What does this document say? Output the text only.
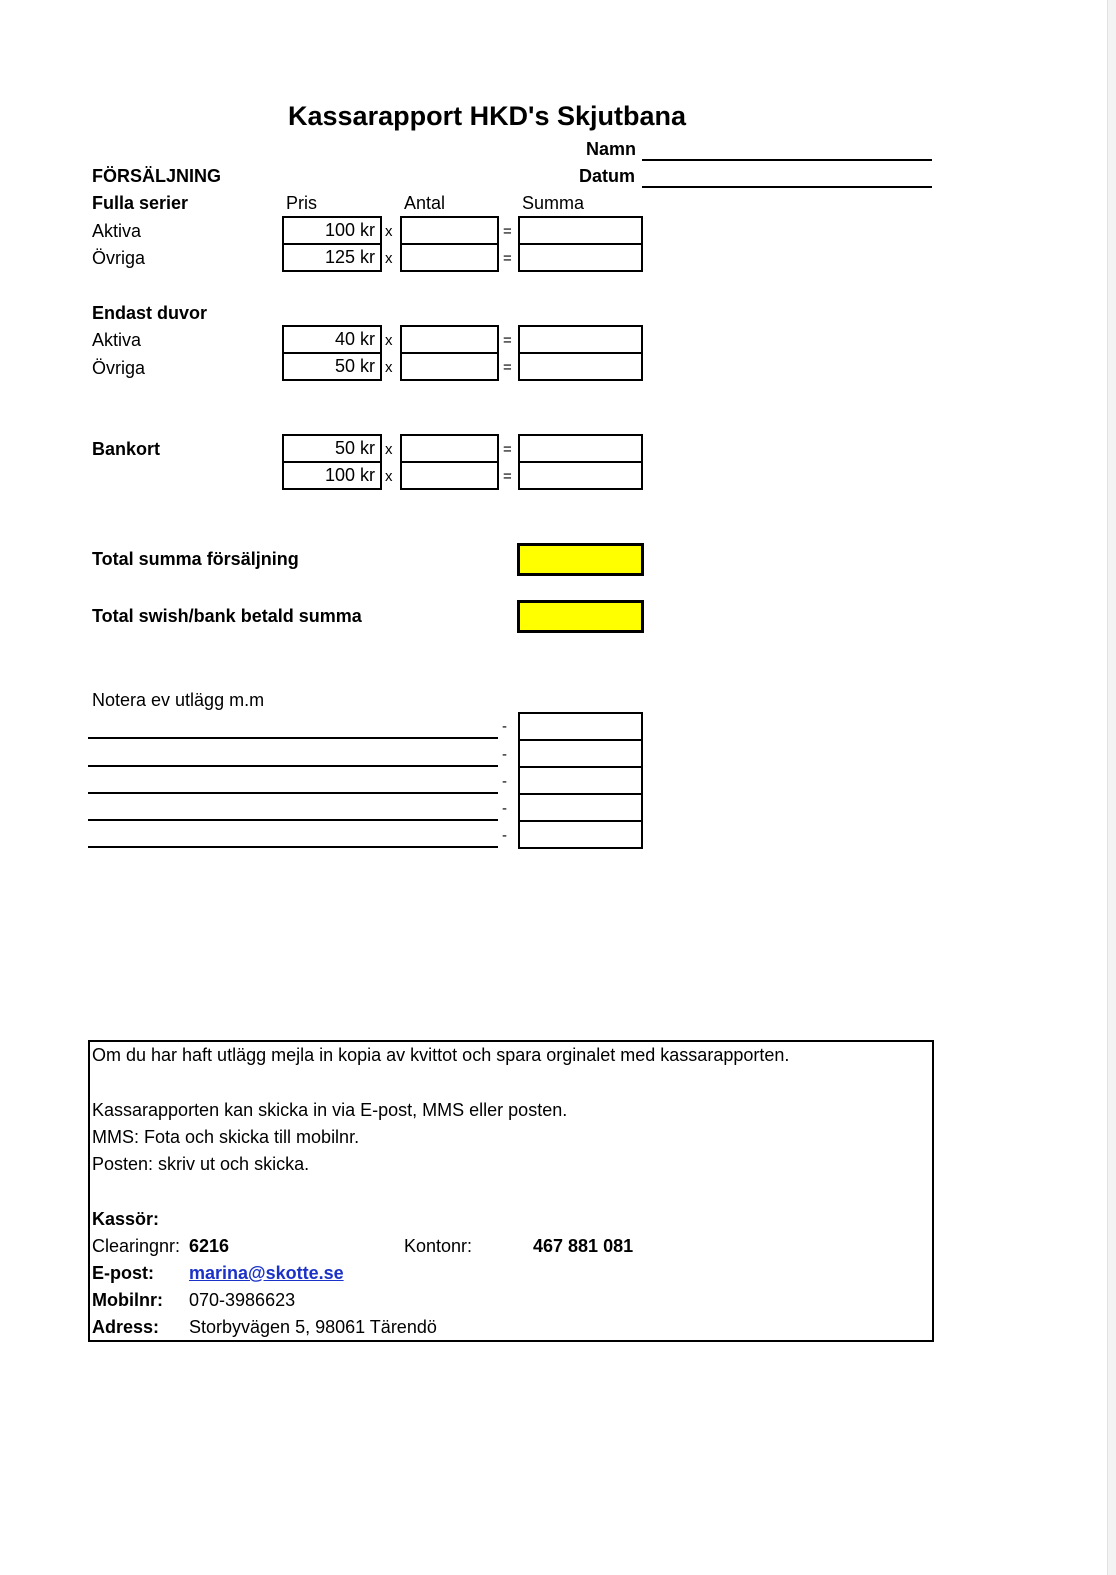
Kassarapport HKD's Skjutbana
Namn
Datum
FÖRSÄLJNING
Fulla serier	Pris	Antal	Summa
Aktiva	100 kr x	=
Övriga	125 kr x	=
Endast duvor
Aktiva	40 kr x	=
Övriga	50 kr x	=
Bankort	50 kr x	=
100 kr x	=
Total summa försäljning
Total swish/bank betald summa
Notera ev utlägg m.m
-
-
-
-
-
Om du har haft utlägg mejla in kopia av kvittot och spara orginalet med kassarapporten.
Kassarapporten kan skicka in via E-post, MMS eller posten.
MMS: Fota och skicka till mobilnr.
Posten: skriv ut och skicka.
Kassör:
Clearingnr: 6216	Kontonr:	467 881 081
E-post: marina@skotte.se
Mobilnr: 070-3986623
Adress: Storbyvägen 5, 98061 Tärendö
